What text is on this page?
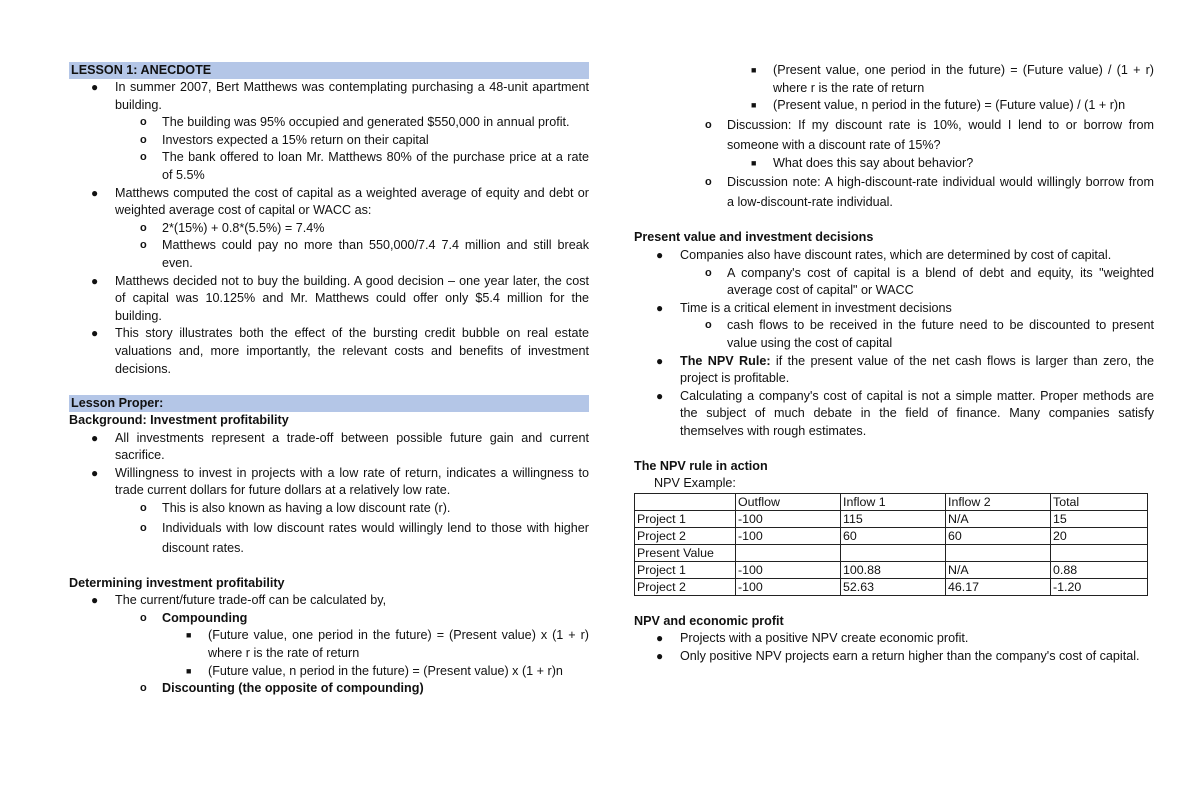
LESSON 1: ANECDOTE
● In summer 2007, Bert Matthews was contemplating purchasing a 48-unit apartment building.
o The building was 95% occupied and generated $550,000 in annual profit.
o Investors expected a 15% return on their capital
o The bank offered to loan Mr. Matthews 80% of the purchase price at a rate of 5.5%
● Matthews computed the cost of capital as a weighted average of equity and debt or weighted average cost of capital or WACC as:
o 2*(15%) + 0.8*(5.5%) = 7.4%
o Matthews could pay no more than 550,000/7.4 7.4 million and still break even.
● Matthews decided not to buy the building. A good decision – one year later, the cost of capital was 10.125% and Mr. Matthews could offer only $5.4 million for the building.
● This story illustrates both the effect of the bursting credit bubble on real estate valuations and, more importantly, the relevant costs and benefits of investment decisions.
Lesson Proper:
Background: Investment profitability
● All investments represent a trade-off between possible future gain and current sacrifice.
● Willingness to invest in projects with a low rate of return, indicates a willingness to trade current dollars for future dollars at a relatively low rate.
o This is also known as having a low discount rate (r).
o Individuals with low discount rates would willingly lend to those with higher discount rates.
Determining investment profitability
● The current/future trade-off can be calculated by,
o Compounding
■ (Future value, one period in the future) = (Present value) x (1 + r) where r is the rate of return
■ (Future value, n period in the future) = (Present value) x (1 + r)n
o Discounting (the opposite of compounding)
■ (Present value, one period in the future) = (Future value) / (1 + r) where r is the rate of return
■ (Present value, n period in the future) = (Future value) / (1 + r)n
o Discussion: If my discount rate is 10%, would I lend to or borrow from someone with a discount rate of 15%?
■ What does this say about behavior?
o Discussion note: A high-discount-rate individual would willingly borrow from a low-discount-rate individual.
Present value and investment decisions
● Companies also have discount rates, which are determined by cost of capital.
o A company's cost of capital is a blend of debt and equity, its "weighted average cost of capital" or WACC
● Time is a critical element in investment decisions
o cash flows to be received in the future need to be discounted to present value using the cost of capital
● The NPV Rule: if the present value of the net cash flows is larger than zero, the project is profitable.
● Calculating a company's cost of capital is not a simple matter. Proper methods are the subject of much debate in the field of finance. Many companies satisfy themselves with rough estimates.
The NPV rule in action
NPV Example:
	Outflow	Inflow 1	Inflow 2	Total
Project 1	-100	115	N/A	15
Project 2	-100	60	60	20
Present Value				
Project 1	-100	100.88	N/A	0.88
Project 2	-100	52.63	46.17	-1.20
NPV and economic profit
● Projects with a positive NPV create economic profit.
● Only positive NPV projects earn a return higher than the company's cost of capital.
